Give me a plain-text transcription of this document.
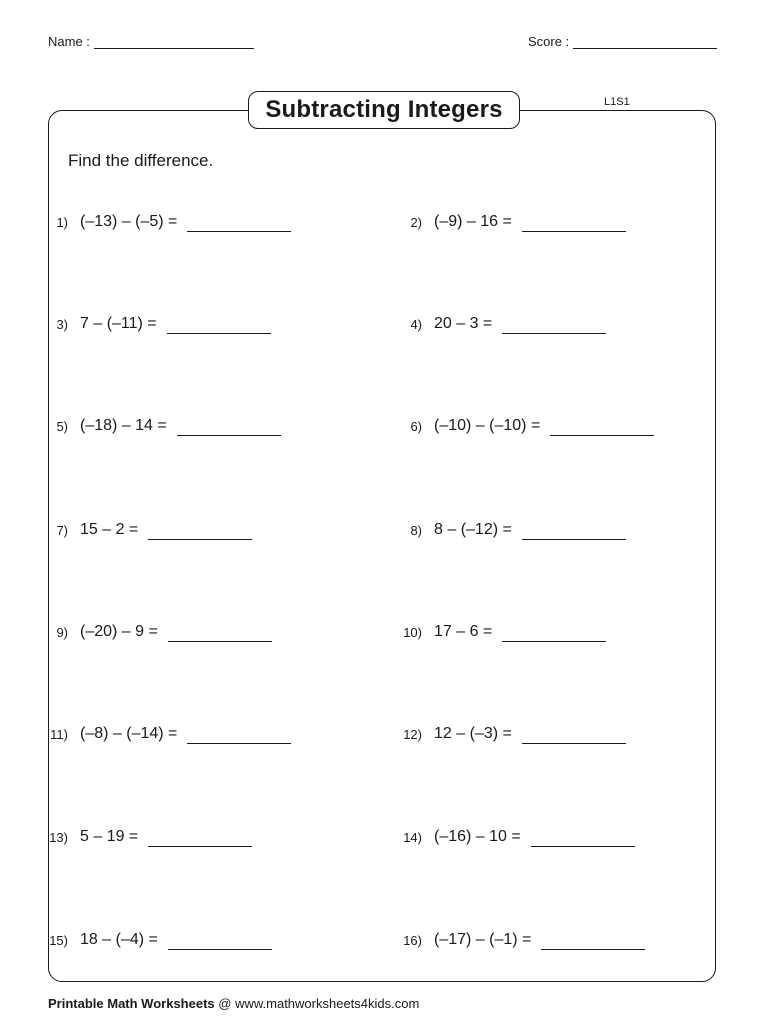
Name :	Score :
Subtracting Integers	L1S1
Find the difference.
1) (–13) – (–5) =	2) (–9) – 16 =
3) 7 – (–11) =	4) 20 – 3 =
5) (–18) – 14 =	6) (–10) – (–10) =
7) 15 – 2 =	8) 8 – (–12) =
9) (–20) – 9 =	10) 17 – 6 =
11) (–8) – (–14) =	12) 12 – (–3) =
13) 5 – 19 =	14) (–16) – 10 =
15) 18 – (–4) =	16) (–17) – (–1) =
Printable Math Worksheets @ www.mathworksheets4kids.com
